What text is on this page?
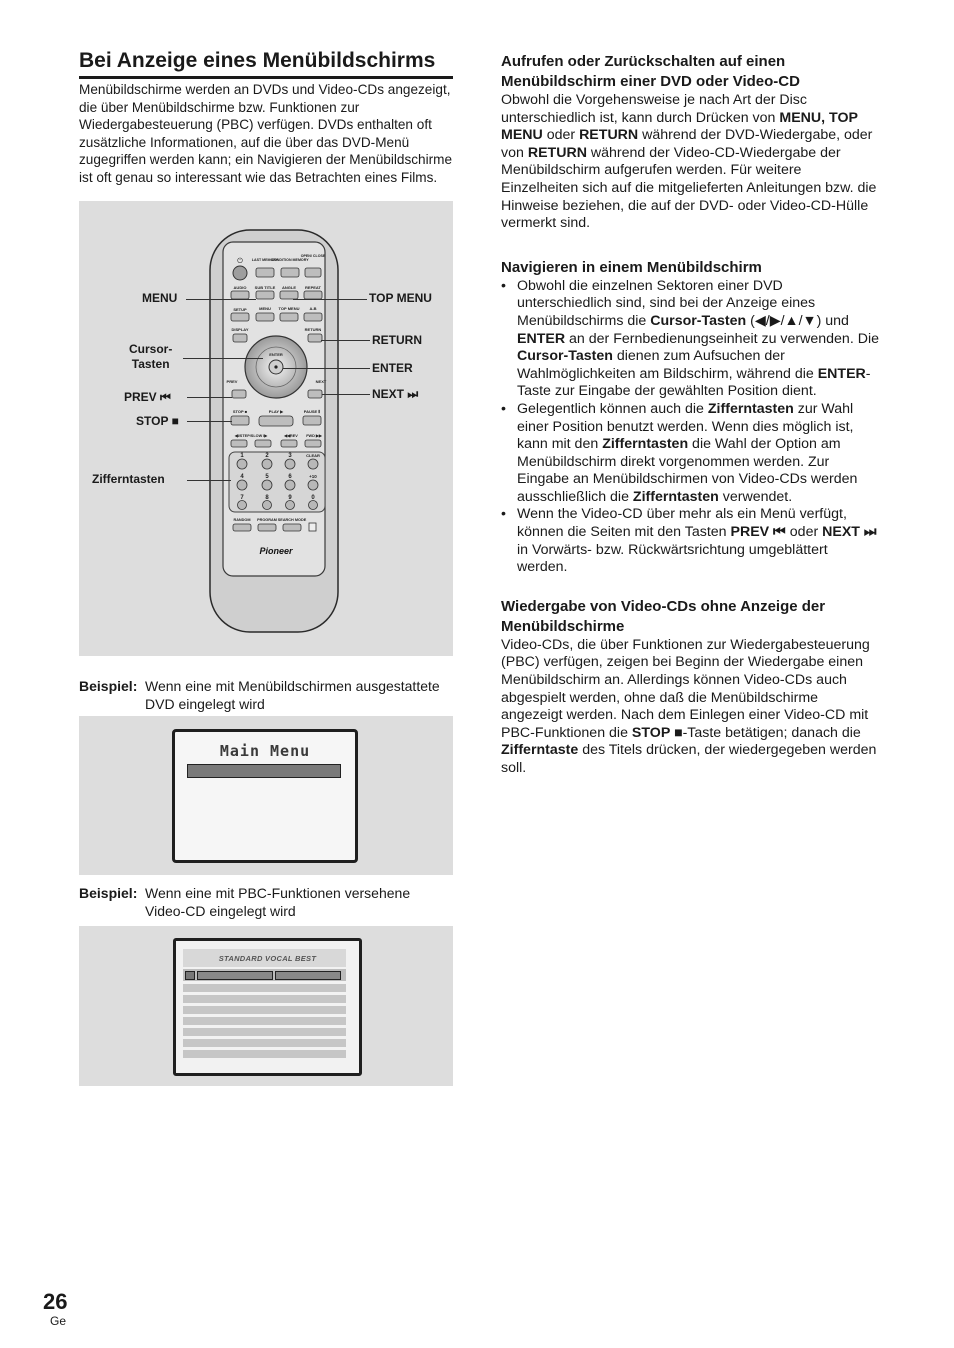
Bei Anzeige eines Menübildschirms
Menübildschirme werden an DVDs und Video-CDs angezeigt, die über Menübildschirme bzw. Funktionen zur Wiedergabesteuerung (PBC) verfügen. DVDs enthalten oft zusätzliche Informationen, auf die über das DVD-Menü zugegriffen werden kann; ein Navigieren der Menübildschirme ist oft genau so interessant wie das Betrachten eines Films.
⏻	LAST MEMORY
CONDITION MEMORY
OPEN/ CLOSE
AUDIO SUB TITLE ANGLE REPEAT
SETUP	MENU TOP MENU A-B
DISPLAY	RETURN
ENTER
PREV	NEXT
STOP ■	PLAY ▶	PAUSE Ⅱ
◀I/STEP/SLOW I▶	◀◀REV FWD ▶▶
2	3
1	CLEAR
4	5	6	+10
7	8	9	0
RANDOM PROGRAM SEARCH MODE
Pioneer
MENU
Cursor-
Tasten
PREV ⏮
STOP ■
Zifferntasten
TOP MENU
RETURN
ENTER
NEXT ⏭
Beispiel: Wenn eine mit Menübildschirmen ausgestattete DVD eingelegt wird
Main Menu
Beispiel: Wenn eine mit PBC-Funktionen versehene Video-CD eingelegt wird
STANDARD VOCAL BEST
Aufrufen oder Zurückschalten auf einen Menübildschirm einer DVD oder Video-CD

Obwohl die Vorgehensweise je nach Art der Disc unterschiedlich ist, kann durch Drücken von MENU, TOP MENU oder RETURN während der DVD-Wiedergabe, oder von RETURN während der Video-CD-Wiedergabe der Menübildschirm aufgerufen werden. Für weitere Einzelheiten sich auf die mitgelieferten Anleitungen bzw. die Hinweise beziehen, die auf der DVD- oder Video-CD-Hülle vermerkt sind.

Navigieren in einem Menübildschirm
• Obwohl die einzelnen Sektoren einer DVD unterschiedlich sind, sind bei der Anzeige eines Menübildschirms die Cursor-Tasten (◀/▶/▲/▼) und ENTER an der Fernbedienungseinheit zu verwenden. Die Cursor-Tasten dienen zum Aufsuchen der Wahlmöglichkeiten am Bildschirm, während die ENTER-Taste zur Eingabe der gewählten Position dient.
• Gelegentlich können auch die Zifferntasten zur Wahl einer Position benutzt werden. Wenn dies möglich ist, kann mit den Zifferntasten die Wahl der Option am Menübildschirm direkt vorgenommen werden. Zur Eingabe an Menübildschirmen von Video-CDs werden ausschließlich die Zifferntasten verwendet.
• Wenn the Video-CD über mehr als ein Menü verfügt, können die Seiten mit den Tasten PREV ⏮ oder NEXT ⏭ in Vorwärts- bzw. Rückwärtsrichtung umgeblättert werden.
Wiedergabe von Video-CDs ohne Anzeige der Menübildschirme

Video-CDs, die über Funktionen zur Wiedergabesteuerung (PBC) verfügen, zeigen bei Beginn der Wiedergabe einen Menübildschirm an. Allerdings können Video-CDs auch abgespielt werden, ohne daß die Menübildschirme angezeigt werden. Nach dem Einlegen einer Video-CD mit PBC-Funktionen die STOP ■-Taste betätigen; danach die Zifferntaste des Titels drücken, der wiedergegeben werden soll.

26
Ge
